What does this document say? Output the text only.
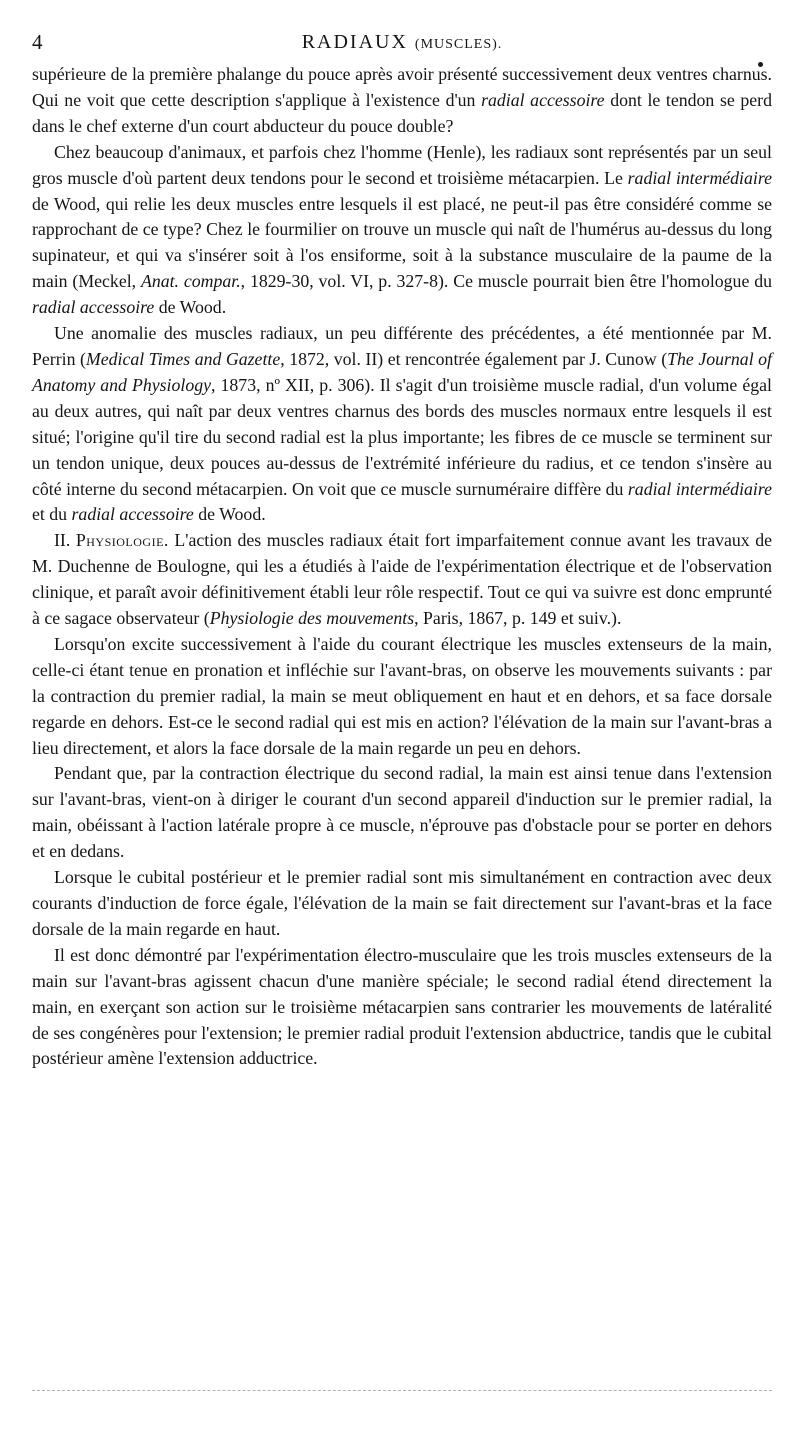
4	RADIAUX (MUSCLES).

supérieure de la première phalange du pouce après avoir présenté successivement deux ventres charnus. Qui ne voit que cette description s'applique à l'existence d'un radial accessoire dont le tendon se perd dans le chef externe d'un court abducteur du pouce double?

Chez beaucoup d'animaux, et parfois chez l'homme (Henle), les radiaux sont représentés par un seul gros muscle d'où partent deux tendons pour le second et troisième métacarpien. Le radial intermédiaire de Wood, qui relie les deux muscles entre lesquels il est placé, ne peut-il pas être considéré comme se rapprochant de ce type? Chez le fourmilier on trouve un muscle qui naît de l'humérus au-dessus du long supinateur, et qui va s'insérer soit à l'os ensiforme, soit à la substance musculaire de la paume de la main (Meckel, Anat. compar., 1829-30, vol. VI, p. 327-8). Ce muscle pourrait bien être l'homologue du radial accessoire de Wood.

Une anomalie des muscles radiaux, un peu différente des précédentes, a été mentionnée par M. Perrin (Medical Times and Gazette, 1872, vol. II) et rencontrée également par J. Cunow (The Journal of Anatomy and Physiology, 1873, nº XII, p. 306). Il s'agit d'un troisième muscle radial, d'un volume égal au deux autres, qui naît par deux ventres charnus des bords des muscles normaux entre lesquels il est situé; l'origine qu'il tire du second radial est la plus importante; les fibres de ce muscle se terminent sur un tendon unique, deux pouces au-dessus de l'extrémité inférieure du radius, et ce tendon s'insère au côté interne du second métacarpien. On voit que ce muscle surnuméraire diffère du radial intermédiaire et du radial accessoire de Wood.

II. Physiologie. L'action des muscles radiaux était fort imparfaitement connue avant les travaux de M. Duchenne de Boulogne, qui les a étudiés à l'aide de l'expérimentation électrique et de l'observation clinique, et paraît avoir définitivement établi leur rôle respectif. Tout ce qui va suivre est donc emprunté à ce sagace observateur (Physiologie des mouvements, Paris, 1867, p. 149 et suiv.).

Lorsqu'on excite successivement à l'aide du courant électrique les muscles extenseurs de la main, celle-ci étant tenue en pronation et infléchie sur l'avant-bras, on observe les mouvements suivants : par la contraction du premier radial, la main se meut obliquement en haut et en dehors, et sa face dorsale regarde en dehors. Est-ce le second radial qui est mis en action? l'élévation de la main sur l'avant-bras a lieu directement, et alors la face dorsale de la main regarde un peu en dehors.

Pendant que, par la contraction électrique du second radial, la main est ainsi tenue dans l'extension sur l'avant-bras, vient-on à diriger le courant d'un second appareil d'induction sur le premier radial, la main, obéissant à l'action latérale propre à ce muscle, n'éprouve pas d'obstacle pour se porter en dehors et en dedans.

Lorsque le cubital postérieur et le premier radial sont mis simultanément en contraction avec deux courants d'induction de force égale, l'élévation de la main se fait directement sur l'avant-bras et la face dorsale de la main regarde en haut.

Il est donc démontré par l'expérimentation électro-musculaire que les trois muscles extenseurs de la main sur l'avant-bras agissent chacun d'une manière spéciale; le second radial étend directement la main, en exerçant son action sur le troisième métacarpien sans contrarier les mouvements de latéralité de ses congénères pour l'extension; le premier radial produit l'extension abductrice, tandis que le cubital postérieur amène l'extension adductrice.
